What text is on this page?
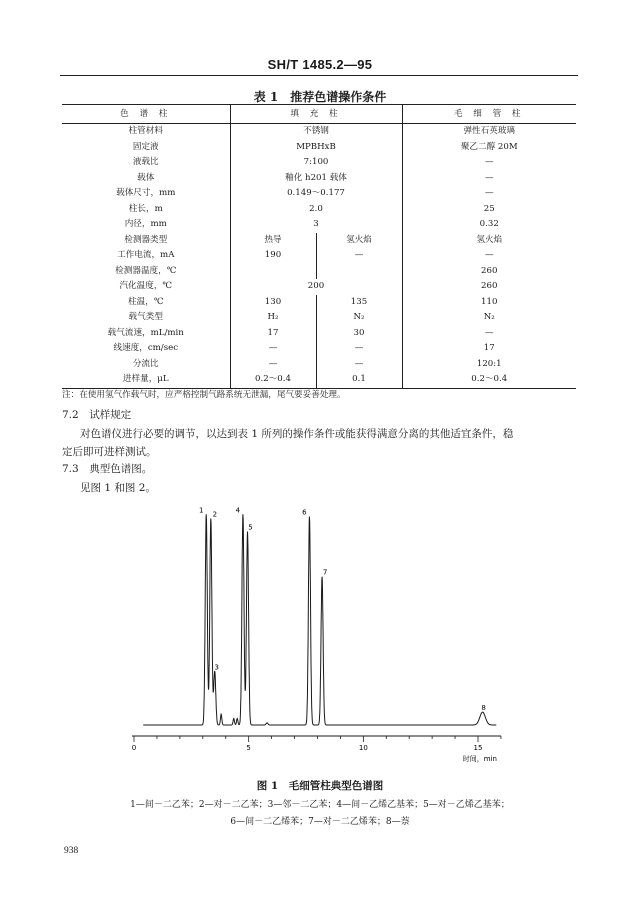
SH/T 1485.2—95
表 1　推荐色谱操作条件
色 谱 柱	填 充 柱		毛 细 管 柱
柱管材料	不锈钢		弹性石英玻璃
固定液	MPBHxB		聚乙二醇 20M
液载比	7:100		—
载体	釉化 h201 载体		—
载体尺寸，mm	0.149～0.177		—
柱长，m	2.0		25
内径，mm	3		0.32
检测器类型	热导	氢火焰	氢火焰
工作电流，mA	190	—	—
检测器温度，℃			260
汽化温度，℃	200		260
柱温，℃	130	135	110
载气类型	H₂	N₂	N₂
载气流速，mL/min	17	30	—
线速度，cm/sec	—	—	17
分流比	—	—	120:1
进样量，μL	0.2～0.4	0.1	0.2～0.4
注：在使用氢气作载气时，应严格控制气路系统无泄漏，尾气要妥善处理。
7.2　试样规定
对色谱仪进行必要的调节，以达到表 1 所列的操作条件或能获得满意分离的其他适宜条件，稳
定后即可进样测试。
7.3　典型色谱图。
见图 1 和图 2。
1
2
3
4
5
6
7
8
0	5	10	15
时间，min
图 1　毛细管柱典型色谱图
1—间－二乙苯；2—对－二乙苯；3—邻－二乙苯；4—间－乙烯乙基苯；5—对－乙烯乙基苯；
6—间－二乙烯苯；7—对－二乙烯苯；8—萘
938
